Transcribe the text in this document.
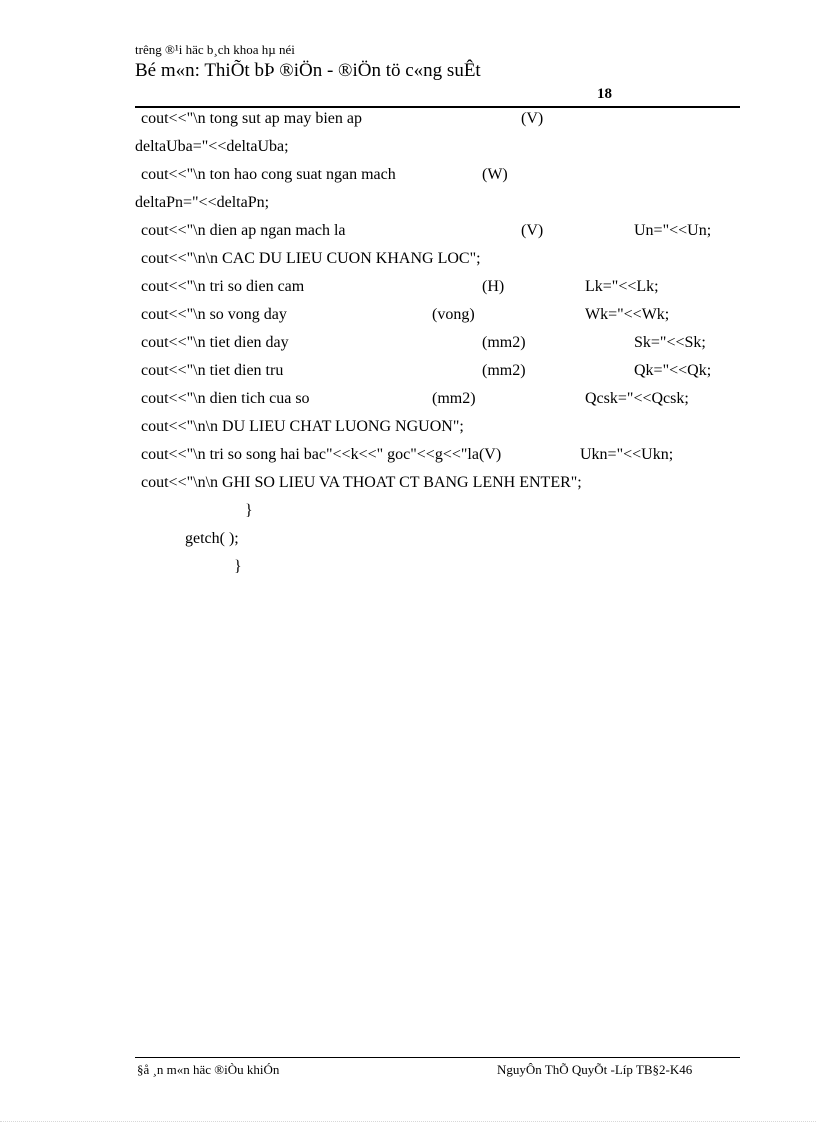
trêng ®¹i häc b¸ch khoa hµ néi
Bé m«n: ThiÕt bÞ ®iÖn - ®iÖn tö c«ng suÊt
18
cout<<"\n tong sut ap may bien ap	(V)
deltaUba="<<deltaUba;
cout<<"\n ton hao cong suat ngan mach	(W)
deltaPn="<<deltaPn;
cout<<"\n dien ap ngan mach la	(V)	Un="<<Un;
cout<<"\n\n CAC DU LIEU CUON KHANG LOC";
cout<<"\n tri so dien cam	(H)	Lk="<<Lk;
cout<<"\n so vong day	(vong)	Wk="<<Wk;
cout<<"\n tiet dien day	(mm2)	Sk="<<Sk;
cout<<"\n tiet dien tru	(mm2)	Qk="<<Qk;
cout<<"\n dien tich cua so	(mm2)	Qcsk="<<Qcsk;
cout<<"\n\n DU LIEU CHAT LUONG NGUON";
cout<<"\n tri so song hai bac"<<k<<" goc"<<g<<"la(V)	Ukn="<<Ukn;
cout<<"\n\n GHI SO LIEU VA THOAT CT BANG LENH ENTER";
}
getch( );
}
§å ¸n m«n häc ®iÒu khiÓn	NguyÔn ThÕ QuyÕt -Líp TB§2-K46
